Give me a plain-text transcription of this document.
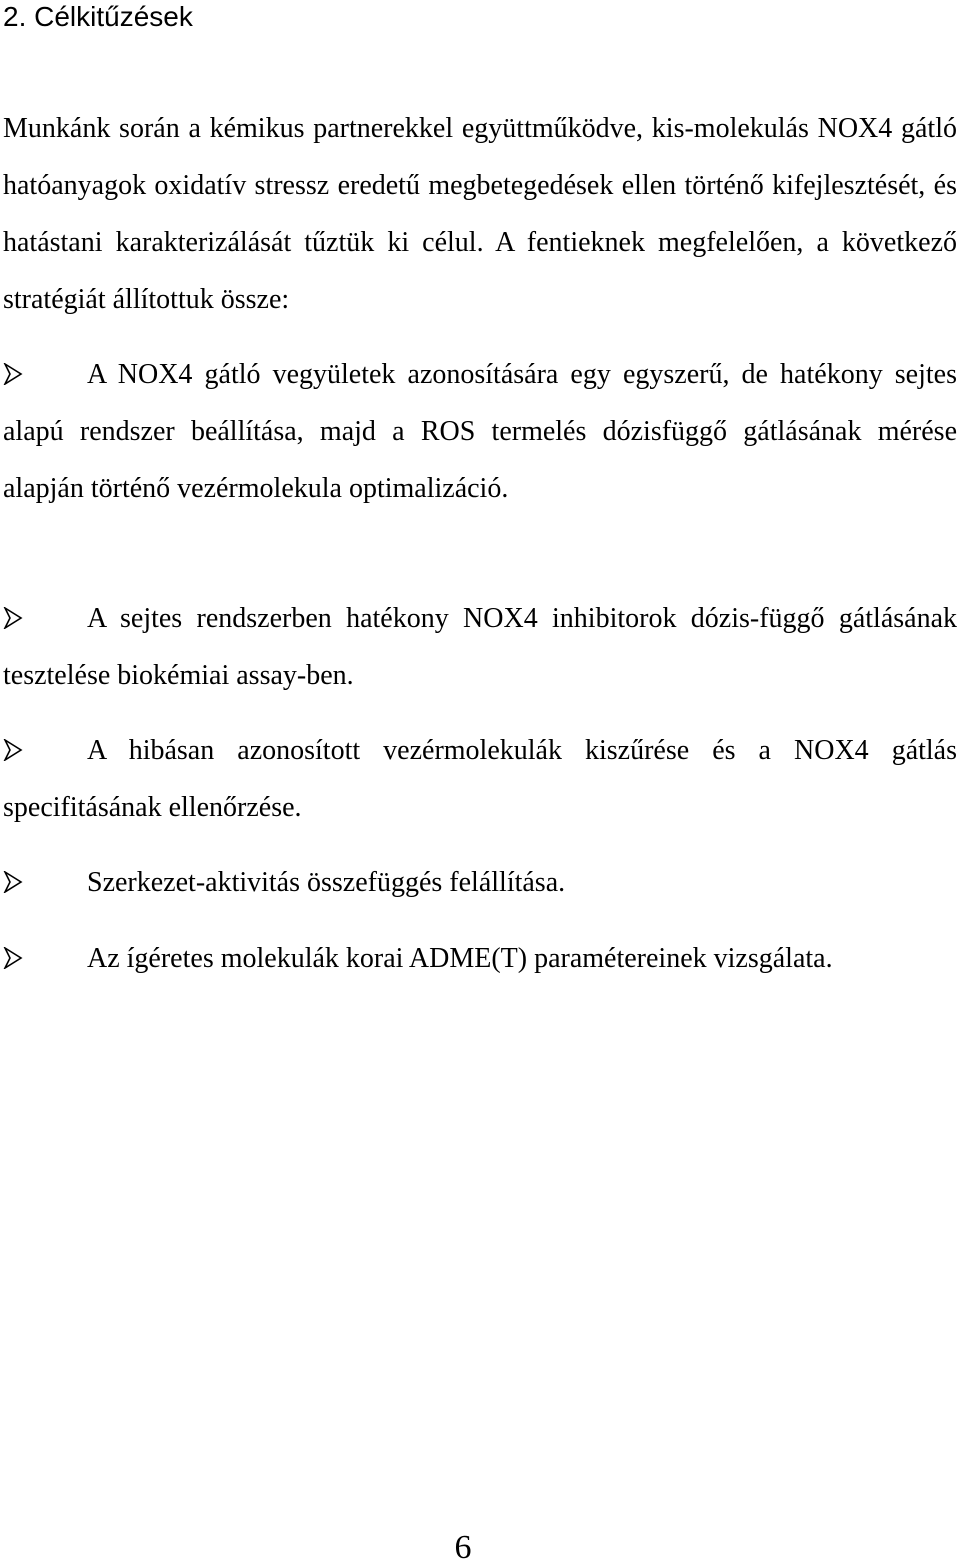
2. Célkitűzések

Munkánk során a kémikus partnerekkel együttműködve, kis-molekulás NOX4 gátló hatóanyagok oxidatív stressz eredetű megbetegedések ellen történő kifejlesztését, és hatástani karakterizálását tűztük ki célul. A fentieknek megfelelően, a következő stratégiát állítottuk össze:

A NOX4 gátló vegyületek azonosítására egy egyszerű, de hatékony sejtes alapú rendszer beállítása, majd a ROS termelés dózisfüggő gátlásának mérése alapján történő vezérmolekula optimalizáció.

A sejtes rendszerben hatékony NOX4 inhibitorok dózis-függő gátlásának tesztelése biokémiai assay-ben.

A hibásan azonosított vezérmolekulák kiszűrése és a NOX4 gátlás specifitásának ellenőrzése.

Szerkezet-aktivitás összefüggés felállítása.

Az ígéretes molekulák korai ADME(T) paramétereinek vizsgálata.

6
